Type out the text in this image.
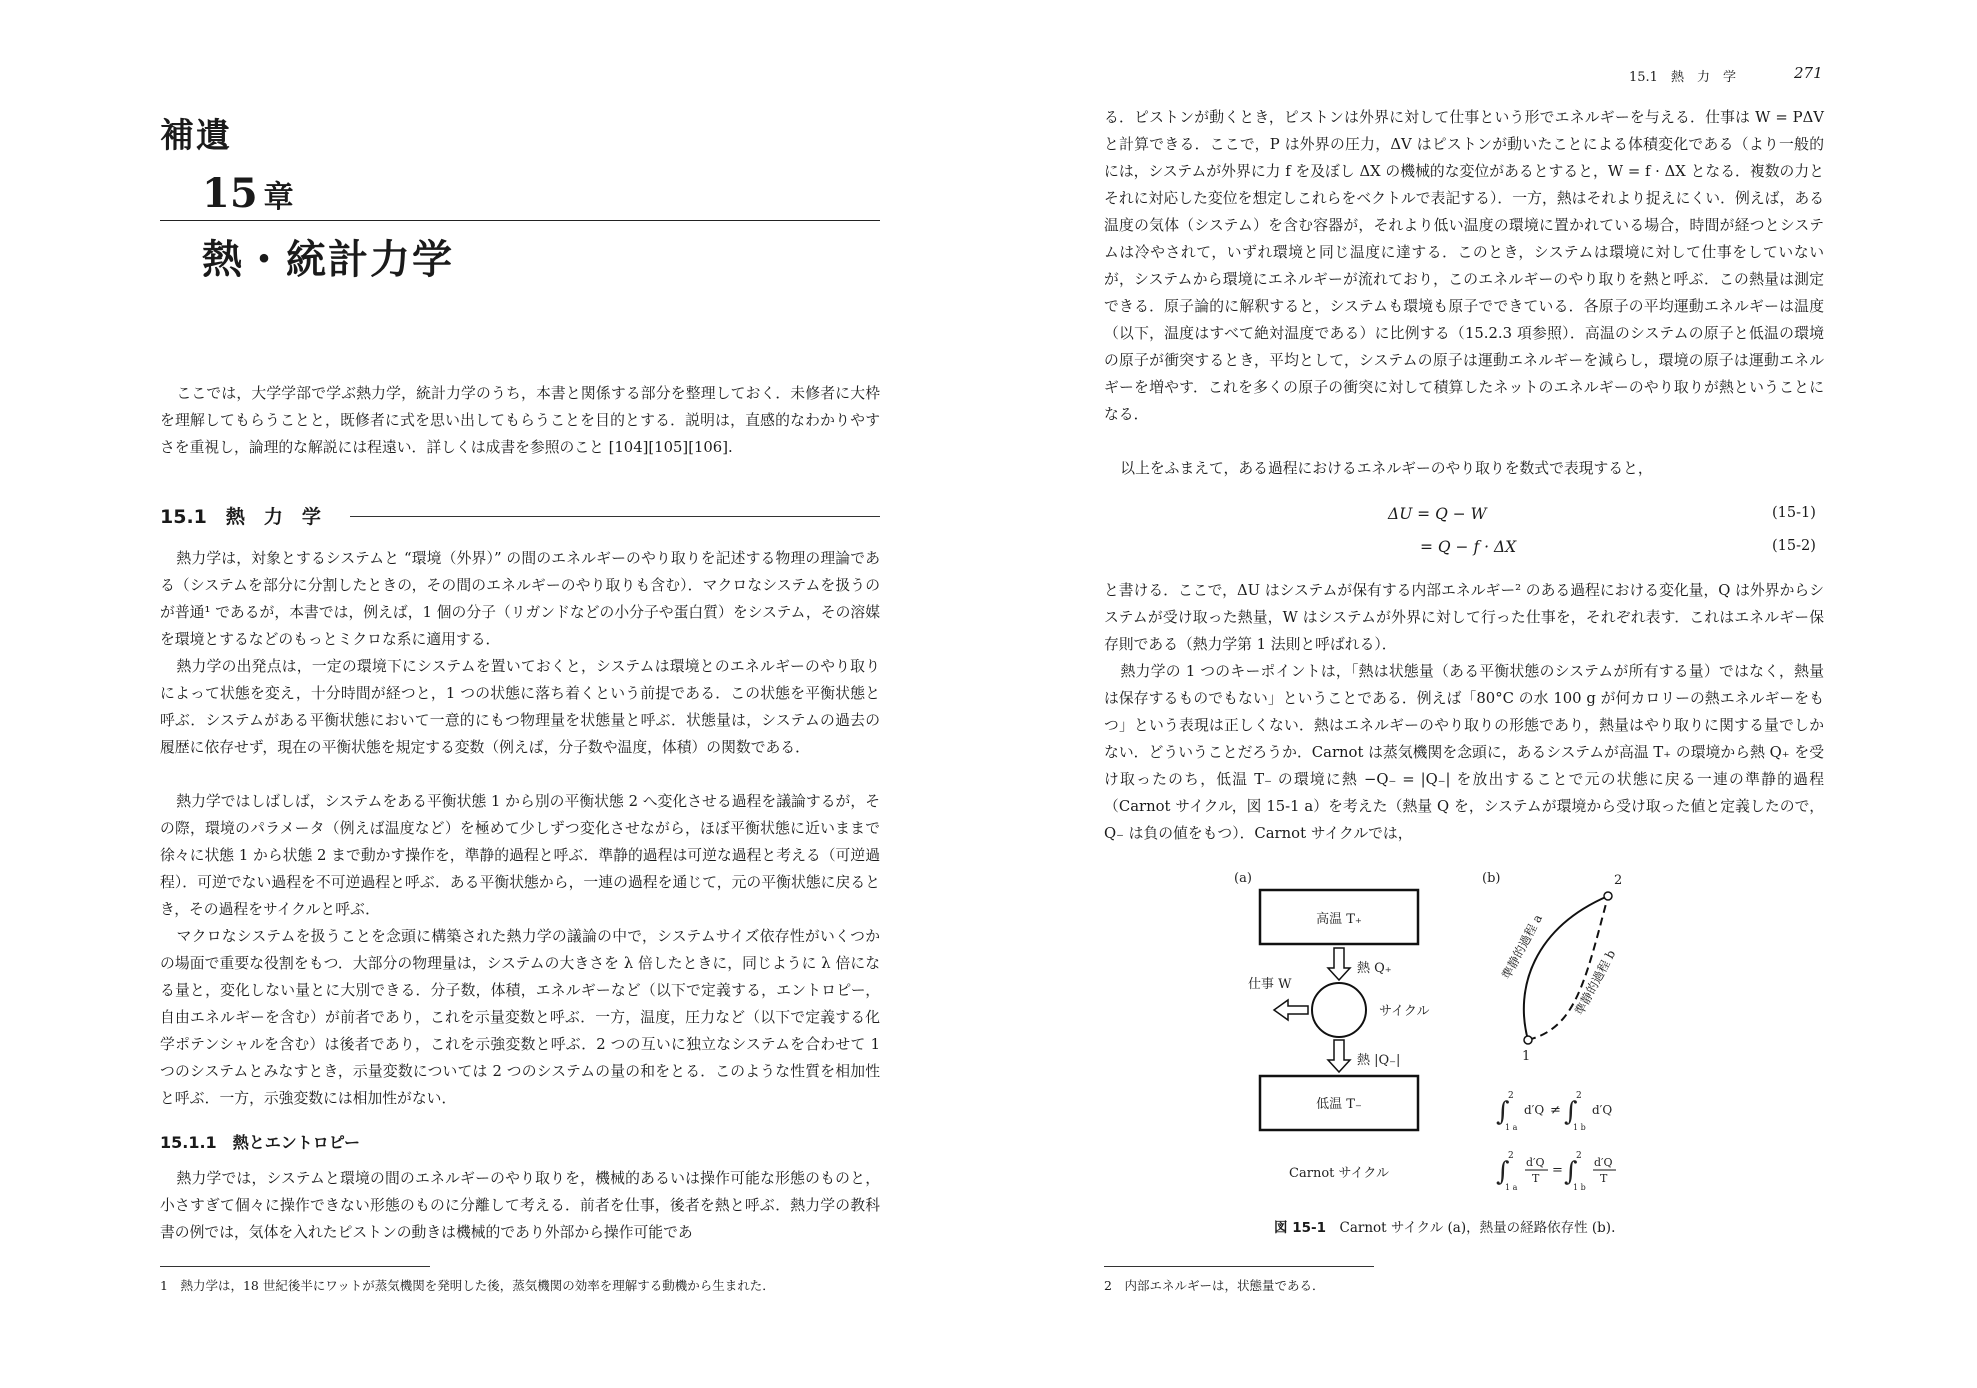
補遺
15 章
熱・統計力学
ここでは，大学学部で学ぶ熱力学，統計力学のうち，本書と関係する部分を整理しておく．未修者に大枠を理解してもらうことと，既修者に式を思い出してもらうことを目的とする．説明は，直感的なわかりやすさを重視し，論理的な解説には程遠い．詳しくは成書を参照のこと [104][105][106].
15.1　熱　力　学
熱力学は，対象とするシステムと “環境（外界）” の間のエネルギーのやり取りを記述する物理の理論である（システムを部分に分割したときの，その間のエネルギーのやり取りも含む）．マクロなシステムを扱うのが普通¹ であるが，本書では，例えば，1 個の分子（リガンドなどの小分子や蛋白質）をシステム，その溶媒を環境とするなどのもっとミクロな系に適用する．
熱力学の出発点は，一定の環境下にシステムを置いておくと，システムは環境とのエネルギーのやり取りによって状態を変え，十分時間が経つと，1 つの状態に落ち着くという前提である．この状態を平衡状態と呼ぶ．システムがある平衡状態において一意的にもつ物理量を状態量と呼ぶ．状態量は，システムの過去の履歴に依存せず，現在の平衡状態を規定する変数（例えば，分子数や温度，体積）の関数である．
熱力学ではしばしば，システムをある平衡状態 1 から別の平衡状態 2 へ変化させる過程を議論するが，その際，環境のパラメータ（例えば温度など）を極めて少しずつ変化させながら，ほぼ平衡状態に近いままで徐々に状態 1 から状態 2 まで動かす操作を，準静的過程と呼ぶ．準静的過程は可逆な過程と考える（可逆過程）．可逆でない過程を不可逆過程と呼ぶ．ある平衡状態から，一連の過程を通じて，元の平衡状態に戻るとき，その過程をサイクルと呼ぶ．
マクロなシステムを扱うことを念頭に構築された熱力学の議論の中で，システムサイズ依存性がいくつかの場面で重要な役割をもつ．大部分の物理量は，システムの大きさを λ 倍したときに，同じように λ 倍になる量と，変化しない量とに大別できる．分子数，体積，エネルギーなど（以下で定義する，エントロピー，自由エネルギーを含む）が前者であり，これを示量変数と呼ぶ．一方，温度，圧力など（以下で定義する化学ポテンシャルを含む）は後者であり，これを示強変数と呼ぶ．2 つの互いに独立なシステムを合わせて 1 つのシステムとみなすとき，示量変数については 2 つのシステムの量の和をとる．このような性質を相加性と呼ぶ．一方，示強変数には相加性がない．
15.1.1　熱とエントロピー
熱力学では，システムと環境の間のエネルギーのやり取りを，機械的あるいは操作可能な形態のものと，小さすぎて個々に操作できない形態のものに分離して考える．前者を仕事，後者を熱と呼ぶ．熱力学の教科書の例では，気体を入れたピストンの動きは機械的であり外部から操作可能であ
1　熱力学は，18 世紀後半にワットが蒸気機関を発明した後，蒸気機関の効率を理解する動機から生まれた．
15.1　熱　力　学	271
る．ピストンが動くとき，ピストンは外界に対して仕事という形でエネルギーを与える．仕事は W = PΔV と計算できる．ここで，P は外界の圧力，ΔV はピストンが動いたことによる体積変化である（より一般的には，システムが外界に力 f を及ぼし ΔX の機械的な変位があるとすると，W = f · ΔX となる．複数の力とそれに対応した変位を想定しこれらをベクトルで表記する）．一方，熱はそれより捉えにくい．例えば，ある温度の気体（システム）を含む容器が，それより低い温度の環境に置かれている場合，時間が経つとシステムは冷やされて，いずれ環境と同じ温度に達する．このとき，システムは環境に対して仕事をしていないが，システムから環境にエネルギーが流れており，このエネルギーのやり取りを熱と呼ぶ．この熱量は測定できる．原子論的に解釈すると，システムも環境も原子でできている．各原子の平均運動エネルギーは温度（以下，温度はすべて絶対温度である）に比例する（15.2.3 項参照）．高温のシステムの原子と低温の環境の原子が衝突するとき，平均として，システムの原子は運動エネルギーを減らし，環境の原子は運動エネルギーを増やす．これを多くの原子の衝突に対して積算したネットのエネルギーのやり取りが熱ということになる．
以上をふまえて，ある過程におけるエネルギーのやり取りを数式で表現すると，
ΔU = Q − W	(15-1)
= Q − f · ΔX	(15-2)
と書ける．ここで，ΔU はシステムが保有する内部エネルギー² のある過程における変化量，Q は外界からシステムが受け取った熱量，W はシステムが外界に対して行った仕事を，それぞれ表す．これはエネルギー保存則である（熱力学第 1 法則と呼ばれる）．
熱力学の 1 つのキーポイントは，「熱は状態量（ある平衡状態のシステムが所有する量）ではなく，熱量は保存するものでもない」ということである．例えば「80°C の水 100 g が何カロリーの熱エネルギーをもつ」という表現は正しくない．熱はエネルギーのやり取りの形態であり，熱量はやり取りに関する量でしかない．どういうことだろうか．Carnot は蒸気機関を念頭に，あるシステムが高温 T₊ の環境から熱 Q₊ を受け取ったのち，低温 T₋ の環境に熱 −Q₋ = |Q₋| を放出することで元の状態に戻る一連の準静的過程（Carnot サイクル，図 15-1 a）を考えた（熱量 Q を，システムが環境から受け取った値と定義したので，Q₋ は負の値をもつ）．Carnot サイクルでは，
(a)
高温 T₊
熱 Q₊
サイクル
仕事 W
熱 |Q₋|
低温 T₋
Carnot サイクル
(b)
1
2
準静的過程 a
準静的過程 b
∫
2
1 a
d′Q ≠ ∫
2
1 b
d′Q
∫
2
1 a
d′Q
T
= ∫
2
1 b
d′Q
T
図 15-1　 Carnot サイクル (a)，熱量の経路依存性 (b).
2　内部エネルギーは，状態量である．
